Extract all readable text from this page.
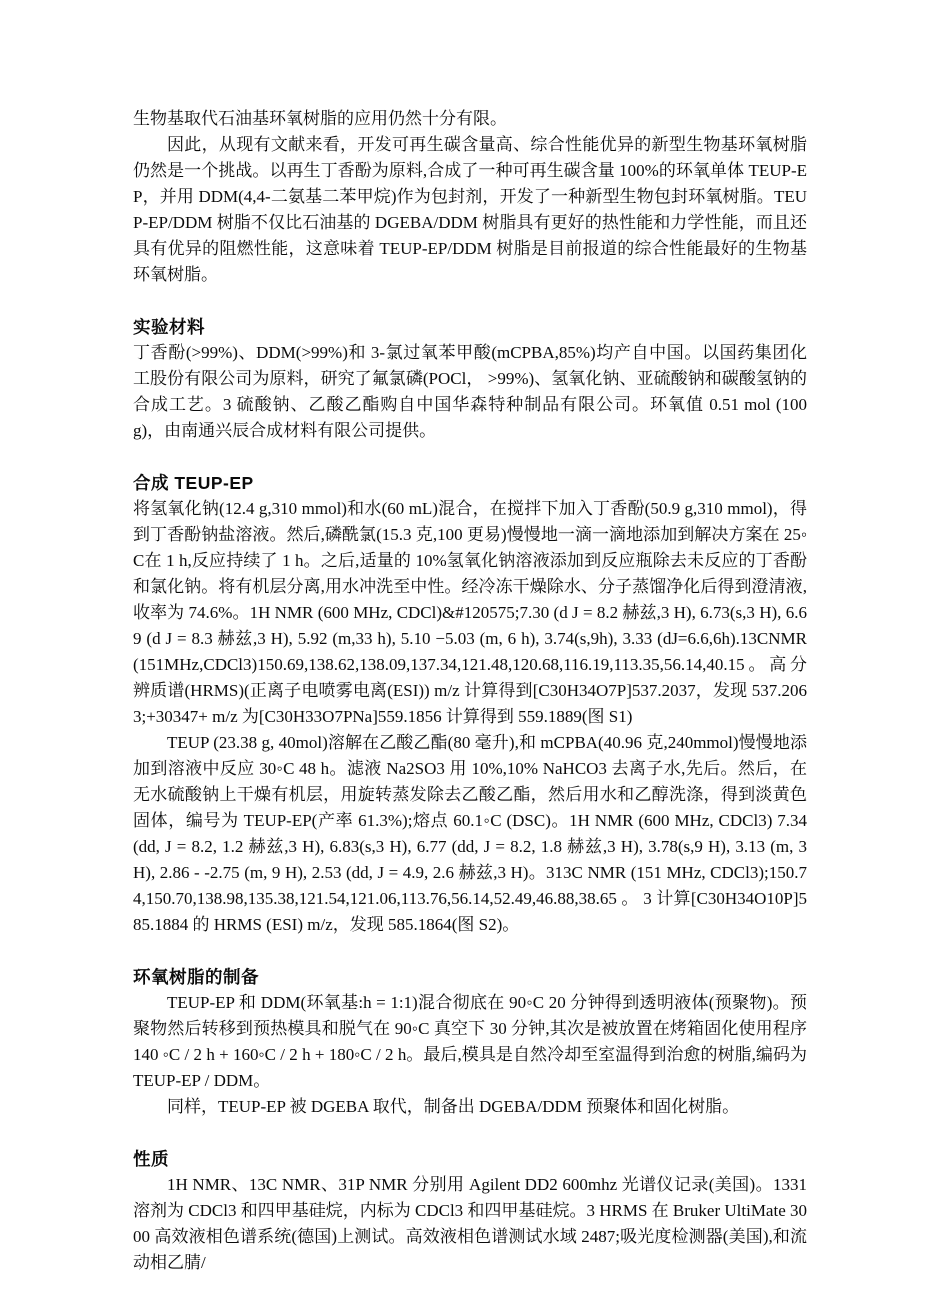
生物基取代石油基环氧树脂的应用仍然十分有限。

因此，从现有文献来看，开发可再生碳含量高、综合性能优异的新型生物基环氧树脂仍然是一个挑战。以再生丁香酚为原料,合成了一种可再生碳含量 100%的环氧单体 TEUP-EP，并用 DDM(4,4-二氨基二苯甲烷)作为包封剂，开发了一种新型生物包封环氧树脂。TEUP-EP/DDM 树脂不仅比石油基的 DGEBA/DDM 树脂具有更好的热性能和力学性能，而且还具有优异的阻燃性能，这意味着 TEUP-EP/DDM 树脂是目前报道的综合性能最好的生物基环氧树脂。

实验材料

丁香酚(>99%)、DDM(>99%)和 3-氯过氧苯甲酸(mCPBA,85%)均产自中国。以国药集团化工股份有限公司为原料，研究了氟氯磷(POCl， >99%)、氢氧化钠、亚硫酸钠和碳酸氢钠的合成工艺。3 硫酸钠、乙酸乙酯购自中国华森特种制品有限公司。环氧值 0.51 mol (100 g)，由南通兴辰合成材料有限公司提供。

合成 TEUP-EP

将氢氧化钠(12.4 g,310 mmol)和水(60 mL)混合，在搅拌下加入丁香酚(50.9 g,310 mmol)，得到丁香酚钠盐溶液。然后,磷酰氯(15.3 克,100 更易)慢慢地一滴一滴地添加到解决方案在 25◦C在 1 h,反应持续了 1 h。之后,适量的 10%氢氧化钠溶液添加到反应瓶除去未反应的丁香酚和氯化钠。将有机层分离,用水冲洗至中性。经冷冻干燥除水、分子蒸馏净化后得到澄清液,收率为 74.6%。1H NMR (600 MHz, CDCl)&#120575;7.30 (d J = 8.2 赫兹,3 H), 6.73(s,3 H), 6.69 (d J = 8.3 赫兹,3 H), 5.92 (m,33 h), 5.10 −5.03 (m, 6 h), 3.74(s,9h), 3.33 (dJ=6.6,6h).13CNMR(151MHz,CDCl3)150.69,138.62,138.09,137.34,121.48,120.68,116.19,113.35,56.14,40.15。高分辨质谱(HRMS)(正离子电喷雾电离(ESI)) m/z 计算得到[C30H34O7P]537.2037，发现 537.2063;+30347+ m/z 为[C30H33O7PNa]559.1856 计算得到 559.1889(图 S1)

TEUP (23.38 g, 40mol)溶解在乙酸乙酯(80 毫升),和 mCPBA(40.96 克,240mmol)慢慢地添加到溶液中反应 30◦C 48 h。滤液 Na2SO3 用 10%,10% NaHCO3 去离子水,先后。然后，在无水硫酸钠上干燥有机层，用旋转蒸发除去乙酸乙酯，然后用水和乙醇洗涤，得到淡黄色固体，编号为 TEUP-EP(产率 61.3%);熔点 60.1◦C (DSC)。1H NMR (600 MHz, CDCl3) 7.34 (dd, J = 8.2, 1.2 赫兹,3 H), 6.83(s,3 H), 6.77 (dd, J = 8.2, 1.8 赫兹,3 H), 3.78(s,9 H), 3.13 (m, 3 H), 2.86 - -2.75 (m, 9 H), 2.53 (dd, J = 4.9, 2.6 赫兹,3 H)。313C NMR (151 MHz, CDCl3);150.74,150.70,138.98,135.38,121.54,121.06,113.76,56.14,52.49,46.88,38.65 。 3 计算[C30H34O10P]585.1884 的 HRMS (ESI) m/z，发现 585.1864(图 S2)。

环氧树脂的制备

TEUP-EP 和 DDM(环氧基:h = 1:1)混合彻底在 90◦C 20 分钟得到透明液体(预聚物)。预聚物然后转移到预热模具和脱气在 90◦C 真空下 30 分钟,其次是被放置在烤箱固化使用程序 140 ◦C / 2 h + 160◦C / 2 h + 180◦C / 2 h。最后,模具是自然冷却至室温得到治愈的树脂,编码为 TEUP-EP / DDM。

同样，TEUP-EP 被 DGEBA 取代，制备出 DGEBA/DDM 预聚体和固化树脂。

性质

1H NMR、13C NMR、31P NMR 分别用 Agilent DD2 600mhz 光谱仪记录(美国)。1331 溶剂为 CDCl3 和四甲基硅烷，内标为 CDCl3 和四甲基硅烷。3 HRMS 在 Bruker UltiMate 3000 高效液相色谱系统(德国)上测试。高效液相色谱测试水域 2487;吸光度检测器(美国),和流动相乙腈/
